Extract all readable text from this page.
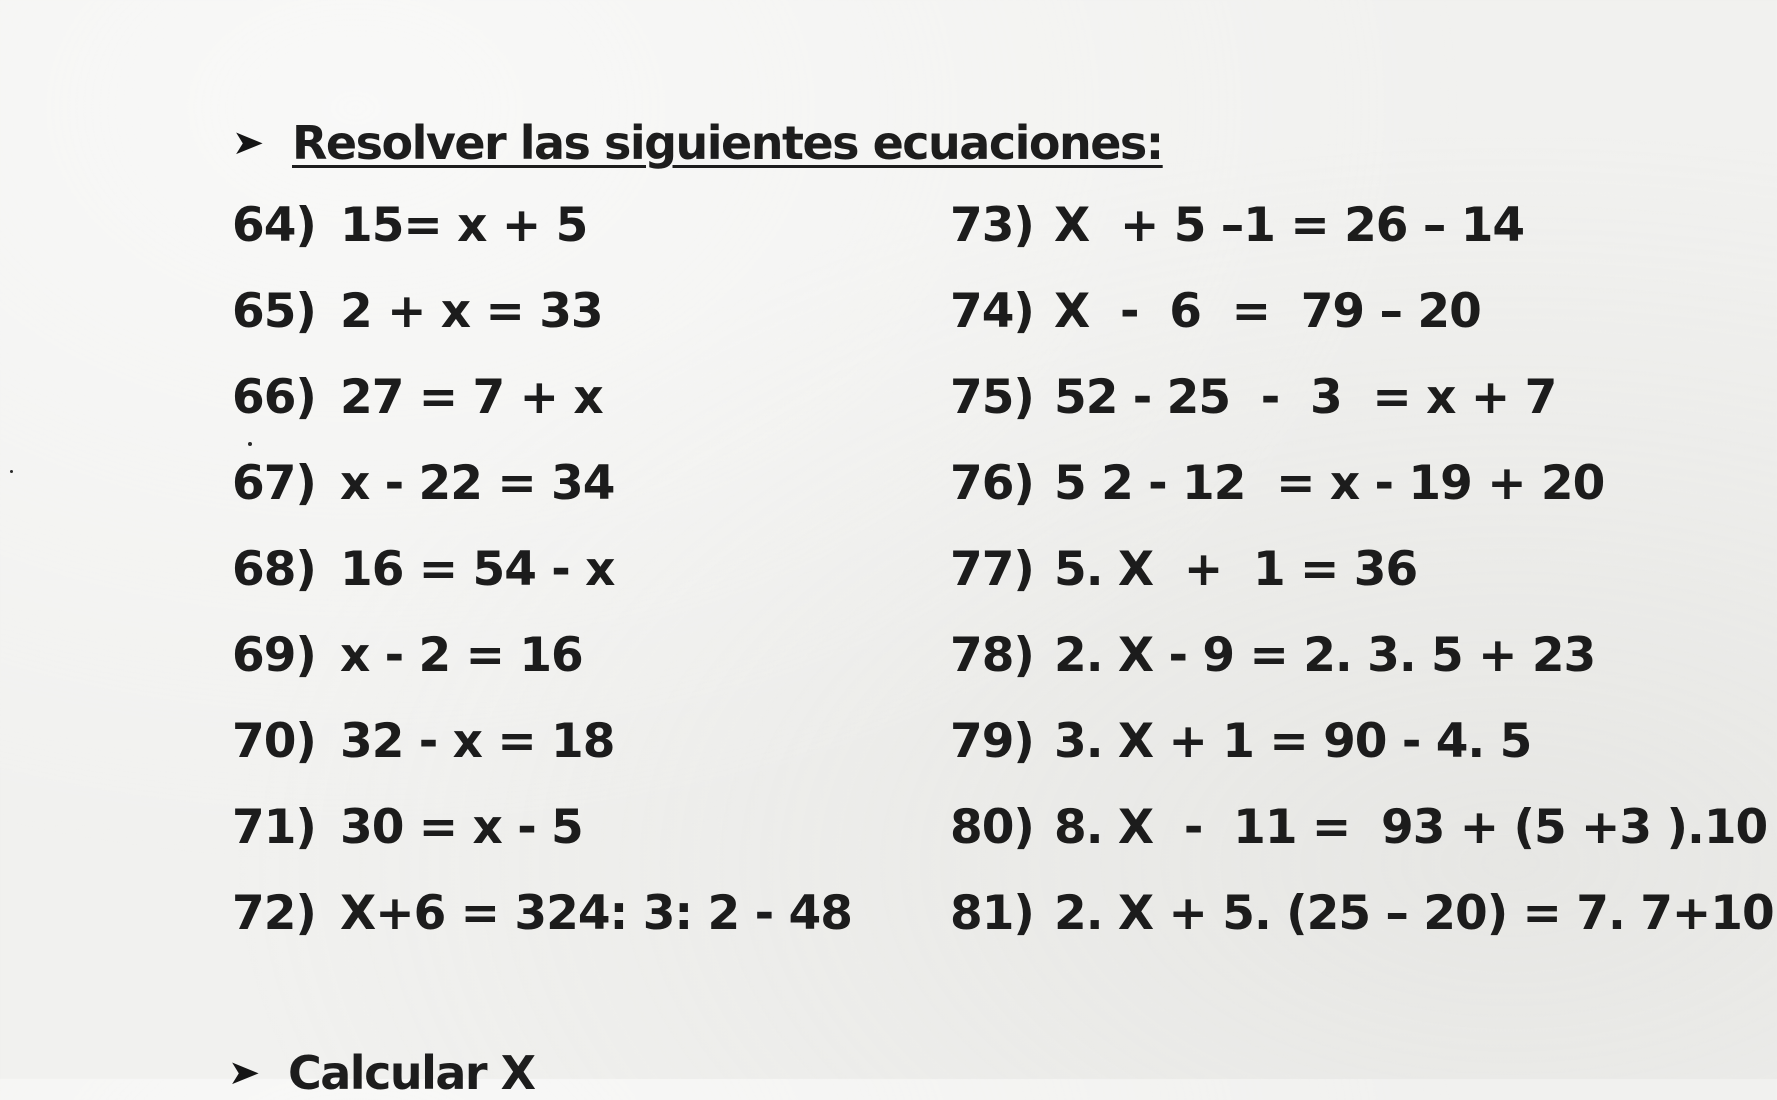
➤ Resolver las siguientes ecuaciones:
64) 15= x + 5
65) 2 + x = 33
66) 27 = 7 + x
67) x - 22 = 34
68) 16 = 54 - x
69) x - 2 = 16
70) 32 - x = 18
71) 30 = x - 5
72) X+6 = 324: 3: 2 - 48
73) X  + 5 –1 = 26 – 14
74) X  -  6  =  79 – 20
75) 52 - 25  -  3  = x + 7
76) 5 2 - 12  = x - 19 + 20
77) 5. X  +  1 = 36
78) 2. X - 9 = 2. 3. 5 + 23
79) 3. X + 1 = 90 - 4. 5
80) 8. X  -  11 =  93 + (5 +3 ).10
81) 2. X + 5. (25 – 20) = 7. 7+10
➤ Calcular X
